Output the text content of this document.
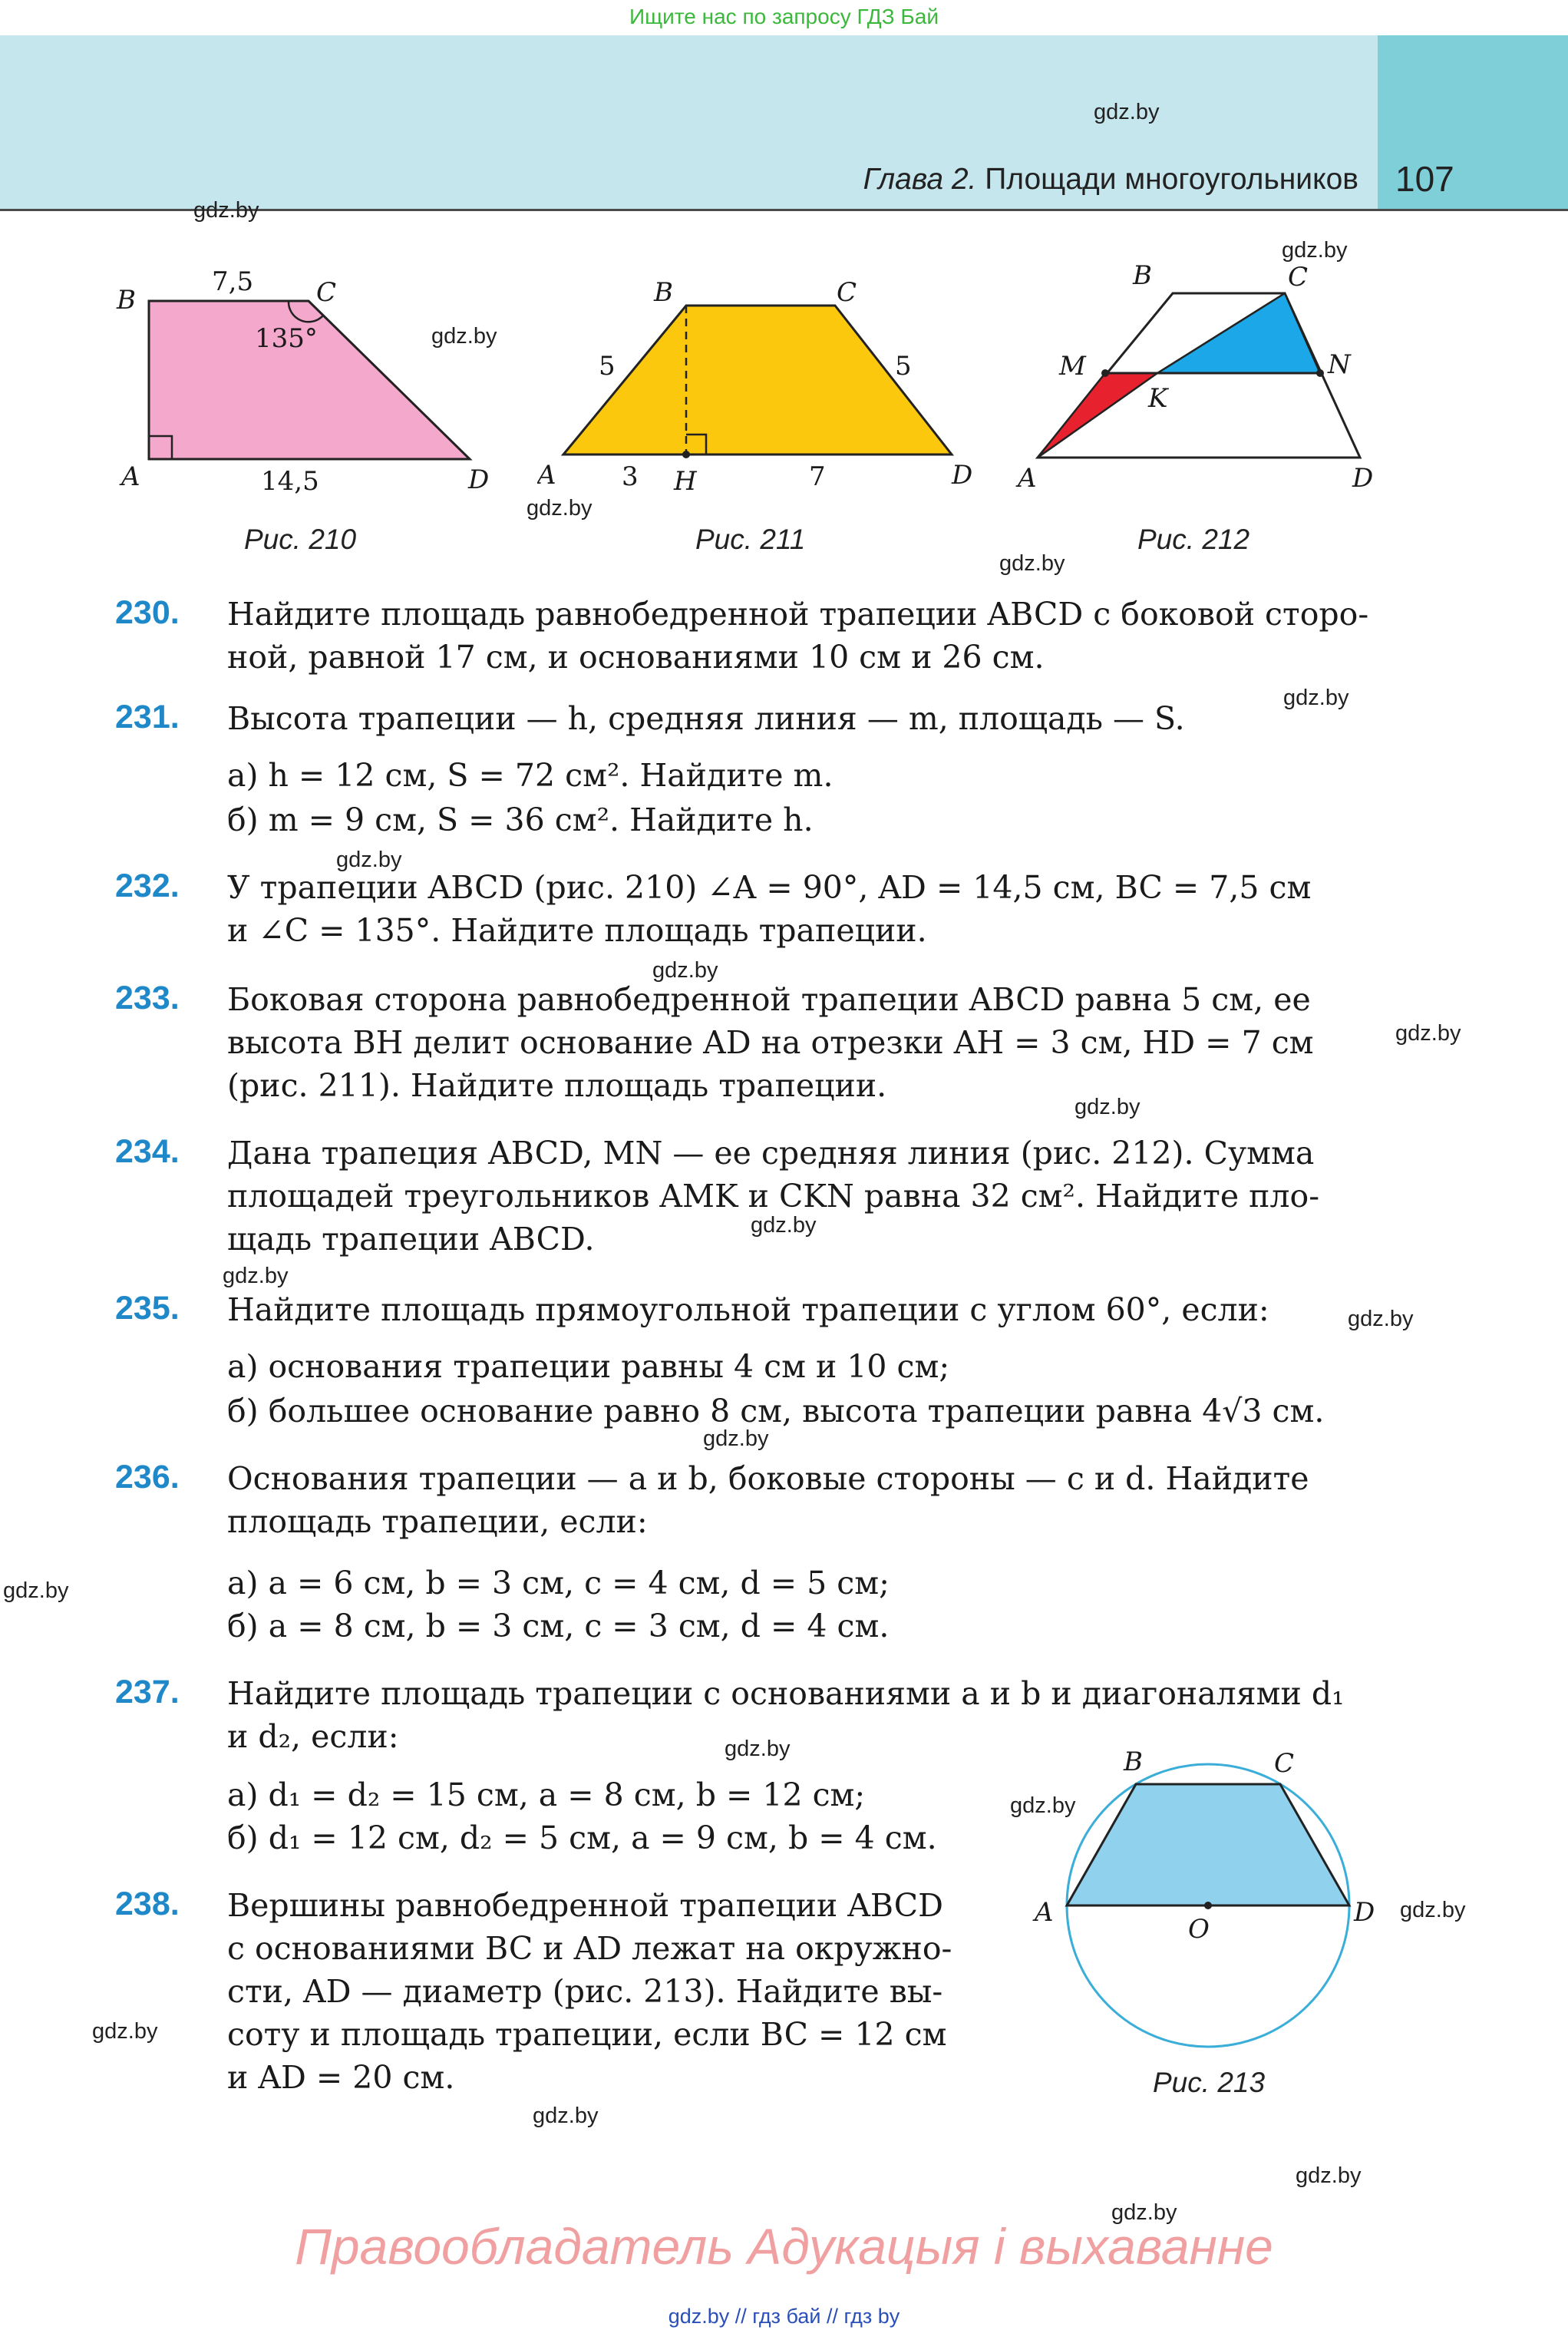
Ищите нас по запросу ГДЗ Бай
Глава 2. Площади многоугольников 107
gdz.by
gdz.by
gdz.by
gdz.by
gdz.by
gdz.by
gdz.by
gdz.by
gdz.by
gdz.by
gdz.by
gdz.by
gdz.by
gdz.by
gdz.by
gdz.by
gdz.by
gdz.by
gdz.by
gdz.by
gdz.by
gdz.by
gdz.by
B	C
A	D
7,5
135°
14,5
Рис. 210
B	C
A	D
H
5	5
3	7
Рис. 211
B	C
M	N
K
A	D
Рис. 212
230. Найдите площадь равнобедренной трапеции ABCD с боковой сторо-
ной, равной 17 см, и основаниями 10 см и 26 см.
231. Высота трапеции — h, средняя линия — m, площадь — S.
а) h = 12 см, S = 72 см². Найдите m.
б) m = 9 см, S = 36 см². Найдите h.
232. У трапеции ABCD (рис. 210) ∠A = 90°, AD = 14,5 см, BC = 7,5 см
и ∠C = 135°. Найдите площадь трапеции.
233. Боковая сторона равнобедренной трапеции ABCD равна 5 см, ее
высота BH делит основание AD на отрезки AH = 3 см, HD = 7 см
(рис. 211). Найдите площадь трапеции.
234. Дана трапеция ABCD, MN — ее средняя линия (рис. 212). Сумма
площадей треугольников AMK и CKN равна 32 см². Найдите пло-
щадь трапеции ABCD.
235. Найдите площадь прямоугольной трапеции с углом 60°, если:
а) основания трапеции равны 4 см и 10 см;
б) большее основание равно 8 см, высота трапеции равна 4√3 см.
236. Основания трапеции — a и b, боковые стороны — c и d. Найдите
площадь трапеции, если:
а) a = 6 см, b = 3 см, c = 4 см, d = 5 см;
б) a = 8 см, b = 3 см, c = 3 см, d = 4 см.
237. Найдите площадь трапеции с основаниями a и b и диагоналями d₁
и d₂, если:
а) d₁ = d₂ = 15 см, a = 8 см, b = 12 см;
б) d₁ = 12 см, d₂ = 5 см, a = 9 см, b = 4 см.
238. Вершины равнобедренной трапеции ABCD
с основаниями BC и AD лежат на окружно-
сти, AD — диаметр (рис. 213). Найдите вы-
соту и площадь трапеции, если BC = 12 см
и AD = 20 см.
B	C
A	D
O
Рис. 213
Правообладатель Адукацыя і выхаванне
gdz.by // гдз бай // гдз by
